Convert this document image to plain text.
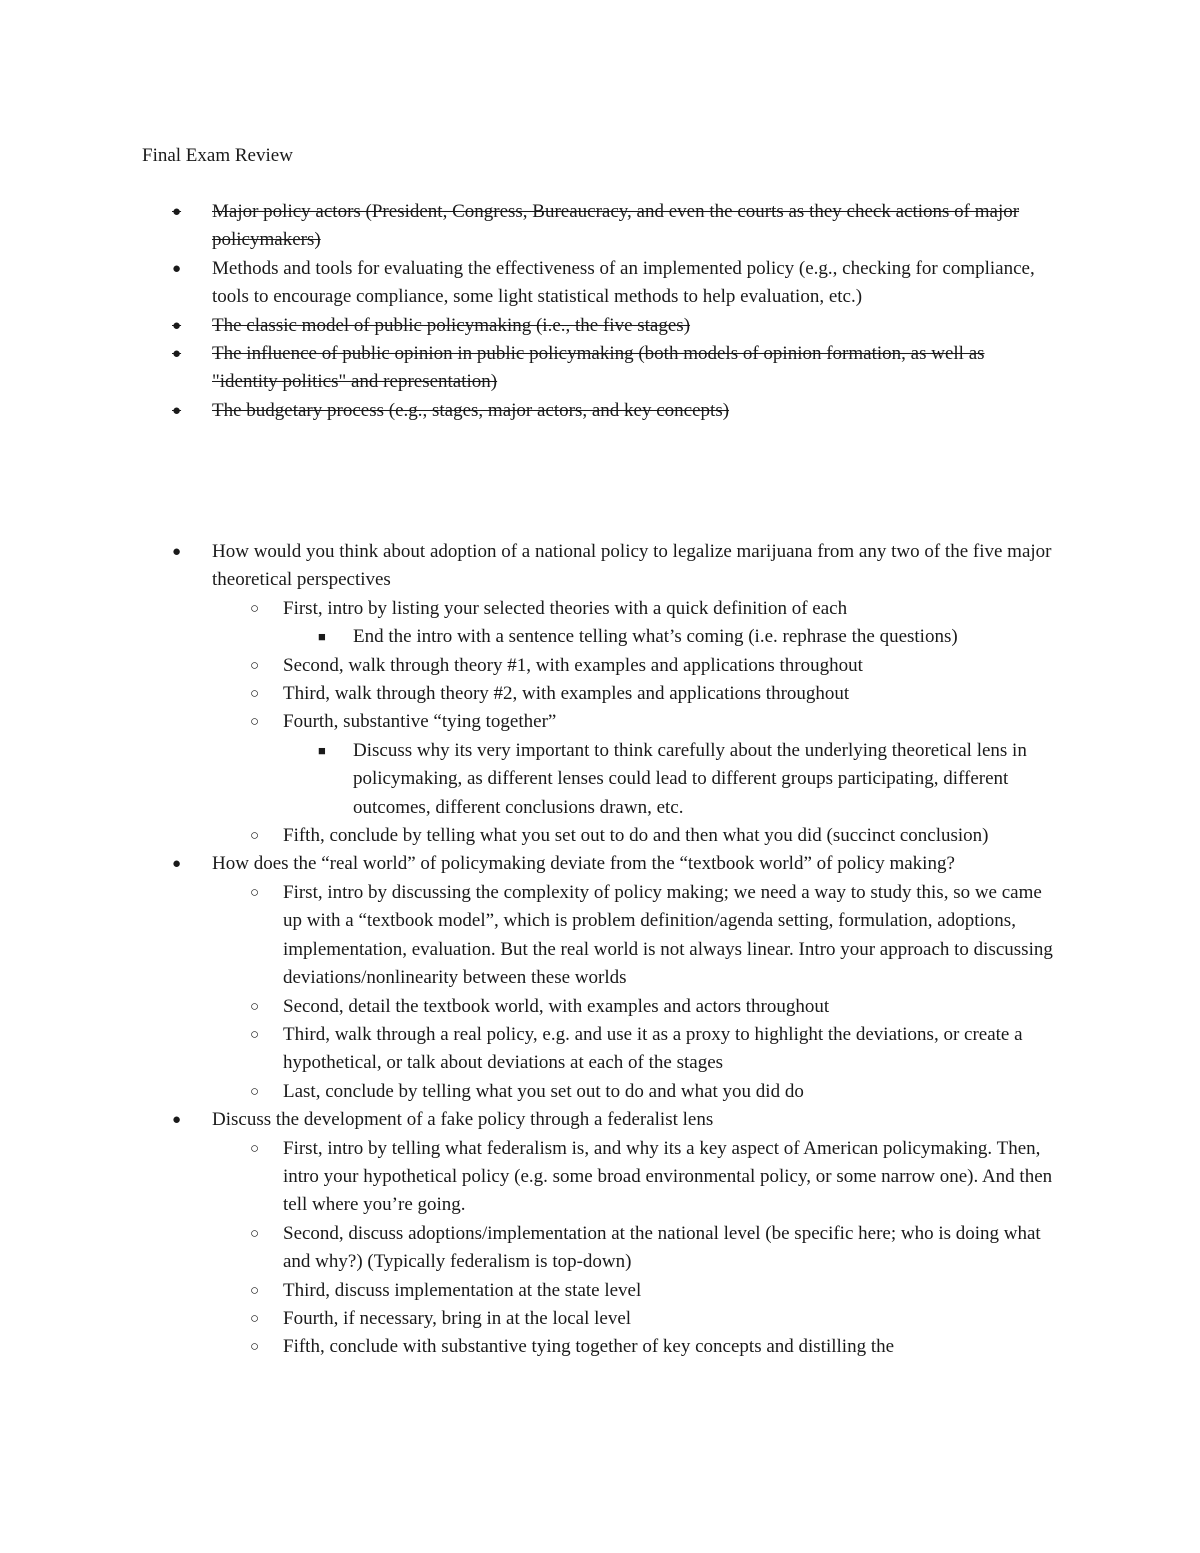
Final Exam Review
● Major policy actors (President, Congress, Bureaucracy, and even the courts as they check actions of major policymakers)
● Methods and tools for evaluating the effectiveness of an implemented policy (e.g., checking for compliance, tools to encourage compliance, some light statistical methods to help evaluation, etc.)
● The classic model of public policymaking (i.e., the five stages)
● The influence of public opinion in public policymaking (both models of opinion formation, as well as "identity politics" and representation)
● The budgetary process (e.g., stages, major actors, and key concepts)
● How would you think about adoption of a national policy to legalize marijuana from any two of the five major theoretical perspectives
○ First, intro by listing your selected theories with a quick definition of each
■ End the intro with a sentence telling what’s coming (i.e. rephrase the questions)
○ Second, walk through theory #1, with examples and applications throughout
○ Third, walk through theory #2, with examples and applications throughout
○ Fourth, substantive “tying together”
■ Discuss why its very important to think carefully about the underlying theoretical lens in policymaking, as different lenses could lead to different groups participating, different outcomes, different conclusions drawn, etc.
○ Fifth, conclude by telling what you set out to do and then what you did (succinct conclusion)
● How does the “real world” of policymaking deviate from the “textbook world” of policy making?
○ First, intro by discussing the complexity of policy making; we need a way to study this, so we came up with a “textbook model”, which is problem definition/agenda setting, formulation, adoptions, implementation, evaluation. But the real world is not always linear. Intro your approach to discussing deviations/nonlinearity between these worlds
○ Second, detail the textbook world, with examples and actors throughout
○ Third, walk through a real policy, e.g. and use it as a proxy to highlight the deviations, or create a hypothetical, or talk about deviations at each of the stages
○ Last, conclude by telling what you set out to do and what you did do
● Discuss the development of a fake policy through a federalist lens
○ First, intro by telling what federalism is, and why its a key aspect of American policymaking. Then, intro your hypothetical policy (e.g. some broad environmental policy, or some narrow one). And then tell where you’re going.
○ Second, discuss adoptions/implementation at the national level (be specific here; who is doing what and why?) (Typically federalism is top-down)
○ Third, discuss implementation at the state level
○ Fourth, if necessary, bring in at the local level
○ Fifth, conclude with substantive tying together of key concepts and distilling the
